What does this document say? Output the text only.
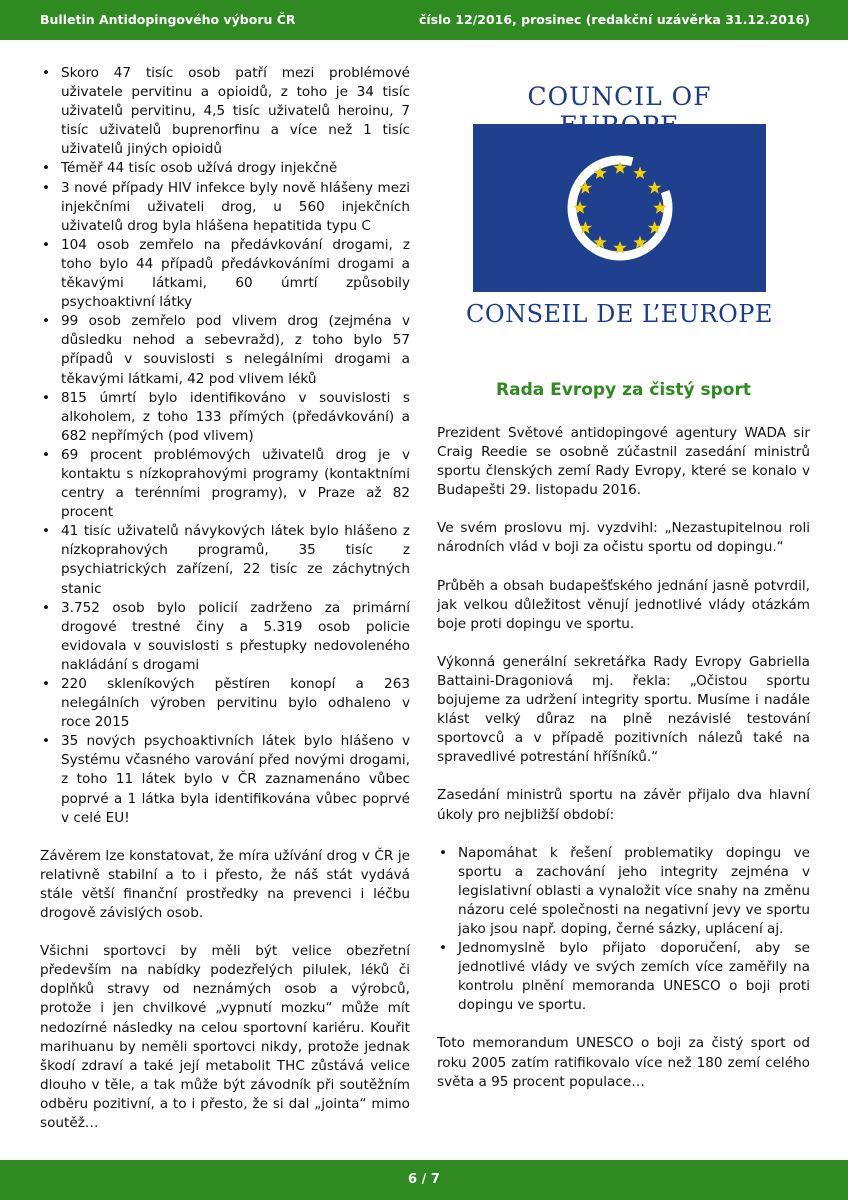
Bulletin Antidopingového výboru ČR	číslo 12/2016, prosinec (redakční uzávěrka 31.12.2016)
• Skoro 47 tisíc osob patří mezi problémové uživatele pervitinu a opioidů, z toho je 34 tisíc uživatelů pervitinu, 4,5 tisíc uživatelů heroinu, 7 tisíc uživatelů buprenorfinu a více než 1 tisíc uživatelů jiných opioidů
• Téměř 44 tisíc osob užívá drogy injekčně
• 3 nové případy HIV infekce byly nově hlášeny mezi injekčními uživateli drog, u 560 injekčních uživatelů drog byla hlášena hepatitida typu C
• 104 osob zemřelo na předávkování drogami, z toho bylo 44 případů předávkováními drogami a těkavými látkami, 60 úmrtí způsobily psychoaktivní látky
• 99 osob zemřelo pod vlivem drog (zejména v důsledku nehod a sebevražd), z toho bylo 57 případů v souvislosti s nelegálními drogami a těkavými látkami, 42 pod vlivem léků
• 815 úmrtí bylo identifikováno v souvislosti s alkoholem, z toho 133 přímých (předávkování) a 682 nepřímých (pod vlivem)
• 69 procent problémových uživatelů drog je v kontaktu s nízkoprahovými programy (kontaktními centry a terénními programy), v Praze až 82 procent
• 41 tisíc uživatelů návykových látek bylo hlášeno z nízkoprahových programů, 35 tisíc z psychiatrických zařízení, 22 tisíc ze záchytných stanic
• 3.752 osob bylo policií zadrženo za primární drogové trestné činy a 5.319 osob policie evidovala v souvislosti s přestupky nedovoleného nakládání s drogami
• 220 skleníkových pěstíren konopí a 263 nelegálních výroben pervitinu bylo odhaleno v roce 2015
• 35 nových psychoaktivních látek bylo hlášeno v Systému včasného varování před novými drogami, z toho 11 látek bylo v ČR zaznamenáno vůbec poprvé a 1 látka byla identifikována vůbec poprvé v celé EU!

Závěrem lze konstatovat, že míra užívání drog v ČR je relativně stabilní a to i přesto, že náš stát vydává stále větší finanční prostředky na prevenci i léčbu drogově závislých osob.

Všichni sportovci by měli být velice obezřetní především na nabídky podezřelých pilulek, léků či doplňků stravy od neznámých osob a výrobců, protože i jen chvilkové „vypnutí mozku“ může mít nedozírné následky na celou sportovní kariéru. Kouřit marihuanu by neměli sportovci nikdy, protože jednak škodí zdraví a také její metabolit THC zůstává velice dlouho v těle, a tak může být závodník při soutěžním odběru pozitivní, a to i přesto, že si dal „jointa“ mimo soutěž…

COUNCIL OF
CONSEIL DE L’EUROPE
Rada Evropy za čistý sport

Prezident Světové antidopingové agentury WADA sir Craig Reedie se osobně zúčastnil zasedání ministrů sportu členských zemí Rady Evropy, které se konalo v Budapešti 29. listopadu 2016.

Ve svém proslovu mj. vyzdvihl: „Nezastupitelnou roli národních vlád v boji za očistu sportu od dopingu.“

Průběh a obsah budapešťského jednání jasně potvrdil, jak velkou důležitost věnují jednotlivé vlády otázkám boje proti dopingu ve sportu.

Výkonná generální sekretářka Rady Evropy Gabriella Battaini-Dragoniová mj. řekla: „Očistou sportu bojujeme za udržení integrity sportu. Musíme i nadále klást velký důraz na plně nezávislé testování sportovců a v případě pozitivních nálezů také na spravedlivé potrestání hříšníků.“

Zasedání ministrů sportu na závěr přijalo dva hlavní úkoly pro nejbližší období:

• Napomáhat k řešení problematiky dopingu ve sportu a zachování jeho integrity zejména v legislativní oblasti a vynaložit více snahy na změnu názoru celé společnosti na negativní jevy ve sportu jako jsou např. doping, černé sázky, uplácení aj.
• Jednomyslně bylo přijato doporučení, aby se jednotlivé vlády ve svých zemích více zaměřily na kontrolu plnění memoranda UNESCO o boji proti dopingu ve sportu.

Toto memorandum UNESCO o boji za čistý sport od roku 2005 zatím ratifikovalo více než 180 zemí celého světa a 95 procent populace…

6 / 7
